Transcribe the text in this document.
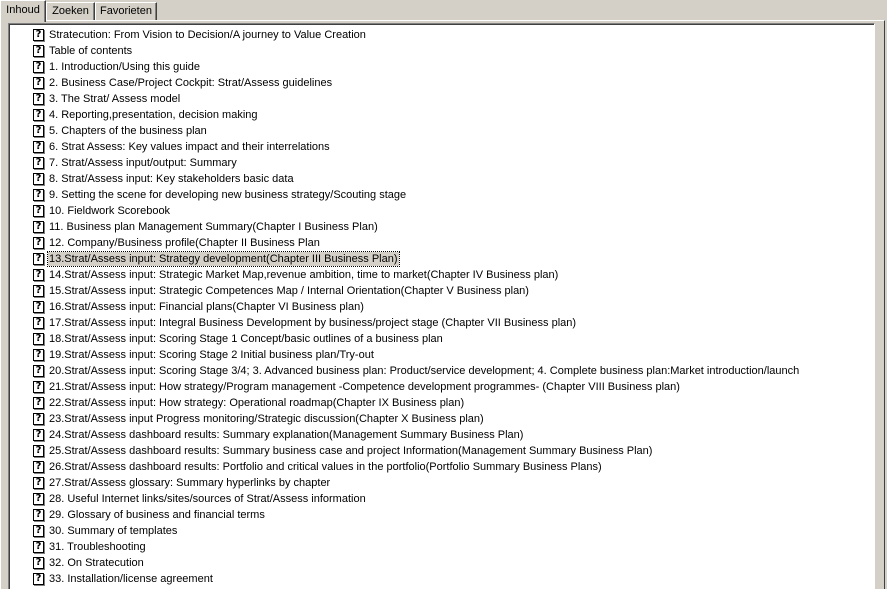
Inhoud	Zoeken	Favorieten
? Stratecution: From Vision to Decision/A journey to Value Creation
? Table of contents
? 1. Introduction/Using this guide
? 2. Business Case/Project Cockpit: Strat/Assess guidelines
? 3. The Strat/ Assess model
? 4. Reporting,presentation, decision making
? 5. Chapters of the business plan
? 6. Strat Assess: Key values impact and their interrelations
? 7. Strat/Assess input/output: Summary
? 8. Strat/Assess input: Key stakeholders basic data
? 9. Setting the scene for developing new business strategy/Scouting stage
? 10. Fieldwork Scorebook
? 11. Business plan Management Summary(Chapter I Business Plan)
? 12. Company/Business profile(Chapter II Business Plan
? 13.Strat/Assess input: Strategy development(Chapter III Business Plan)
? 14.Strat/Assess input: Strategic Market Map,revenue ambition, time to market(Chapter IV Business plan)
? 15.Strat/Assess input: Strategic Competences Map / Internal Orientation(Chapter V Business plan)
? 16.Strat/Assess input: Financial plans(Chapter VI Business plan)
? 17.Strat/Assess input: Integral Business Development by business/project stage (Chapter VII Business plan)
? 18.Strat/Assess input: Scoring Stage 1 Concept/basic outlines of a business plan
? 19.Strat/Assess input: Scoring Stage 2 Initial business plan/Try-out
? 20.Strat/Assess input: Scoring Stage 3/4; 3. Advanced business plan: Product/service development; 4. Complete business plan:Market introduction/launch
? 21.Strat/Assess input: How strategy/Program management -Competence development programmes- (Chapter VIII Business plan)
? 22.Strat/Assess input: How strategy: Operational roadmap(Chapter IX Business plan)
? 23.Strat/Assess input Progress monitoring/Strategic discussion(Chapter X Business plan)
? 24.Strat/Assess dashboard results: Summary explanation(Management Summary Business Plan)
? 25.Strat/Assess dashboard results: Summary business case and project Information(Management Summary Business Plan)
? 26.Strat/Assess dashboard results: Portfolio and critical values in the portfolio(Portfolio Summary Business Plans)
? 27.Strat/Assess glossary: Summary hyperlinks by chapter
? 28. Useful Internet links/sites/sources of Strat/Assess information
? 29. Glossary of business and financial terms
? 30. Summary of templates
? 31. Troubleshooting
? 32. On Stratecution
? 33. Installation/license agreement
